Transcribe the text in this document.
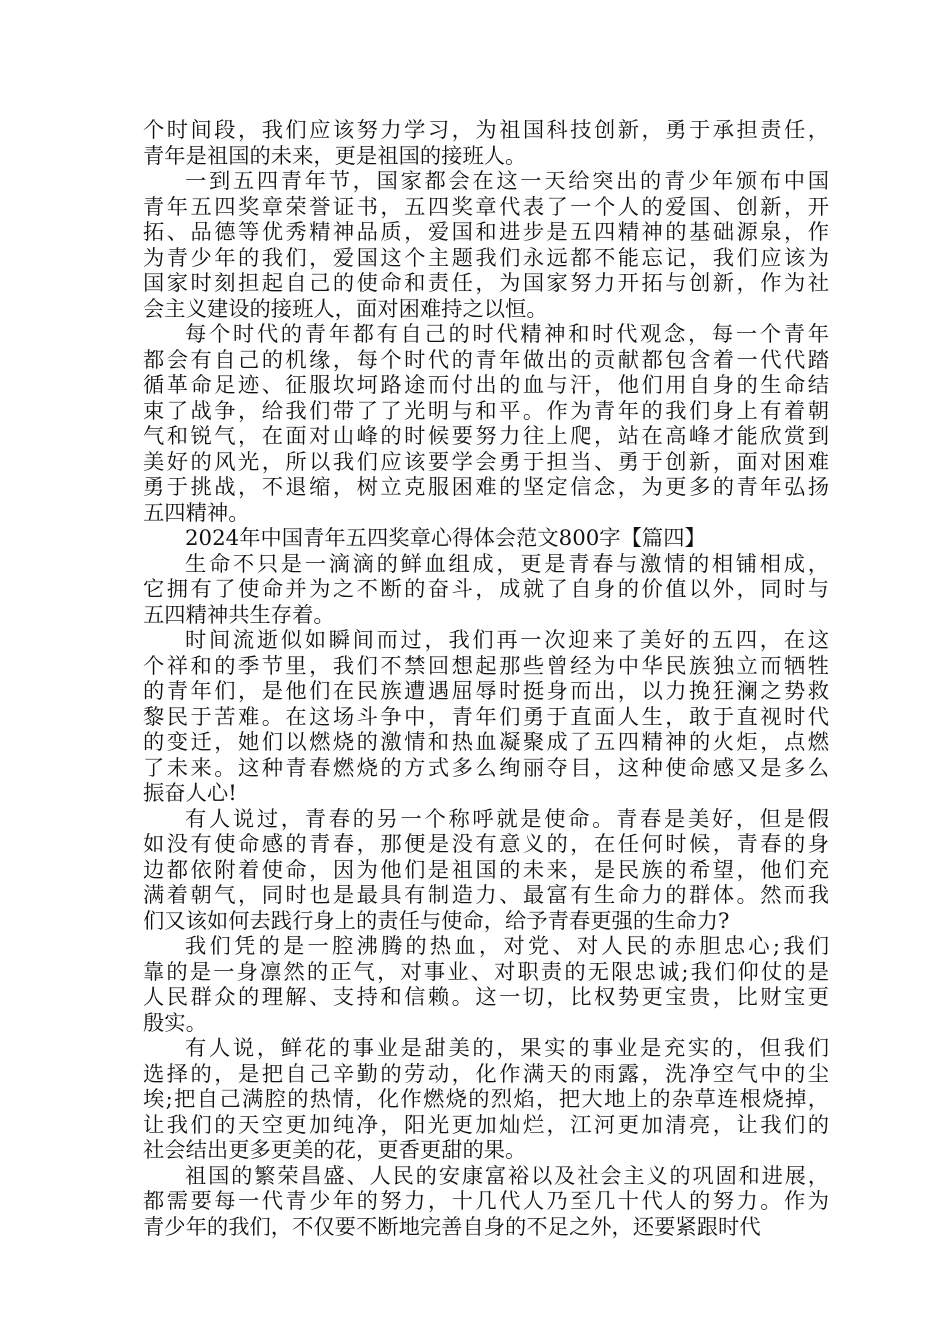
个时间段，我们应该努力学习，为祖国科技创新，勇于承担责任，
青年是祖国的未来，更是祖国的接班人。
一到五四青年节，国家都会在这一天给突出的青少年颁布中国
青年五四奖章荣誉证书，五四奖章代表了一个人的爱国、创新，开
拓、品德等优秀精神品质，爱国和进步是五四精神的基础源泉，作
为青少年的我们，爱国这个主题我们永远都不能忘记，我们应该为
国家时刻担起自己的使命和责任，为国家努力开拓与创新，作为社
会主义建设的接班人，面对困难持之以恒。
每个时代的青年都有自己的时代精神和时代观念，每一个青年
都会有自己的机缘，每个时代的青年做出的贡献都包含着一代代踏
循革命足迹、征服坎坷路途而付出的血与汗，他们用自身的生命结
束了战争，给我们带了了光明与和平。作为青年的我们身上有着朝
气和锐气，在面对山峰的时候要努力往上爬，站在高峰才能欣赏到
美好的风光，所以我们应该要学会勇于担当、勇于创新，面对困难
勇于挑战，不退缩，树立克服困难的坚定信念，为更多的青年弘扬
五四精神。
2024年中国青年五四奖章心得体会范文800字【篇四】
生命不只是一滴滴的鲜血组成，更是青春与激情的相铺相成，
它拥有了使命并为之不断的奋斗，成就了自身的价值以外，同时与
五四精神共生存着。
时间流逝似如瞬间而过，我们再一次迎来了美好的五四，在这
个祥和的季节里，我们不禁回想起那些曾经为中华民族独立而牺牲
的青年们，是他们在民族遭遇屈辱时挺身而出，以力挽狂澜之势救
黎民于苦难。在这场斗争中，青年们勇于直面人生，敢于直视时代
的变迁，她们以燃烧的激情和热血凝聚成了五四精神的火炬，点燃
了未来。这种青春燃烧的方式多么绚丽夺目，这种使命感又是多么
振奋人心!
有人说过，青春的另一个称呼就是使命。青春是美好，但是假
如没有使命感的青春，那便是没有意义的，在任何时候，青春的身
边都依附着使命，因为他们是祖国的未来，是民族的希望，他们充
满着朝气，同时也是最具有制造力、最富有生命力的群体。然而我
们又该如何去践行身上的责任与使命，给予青春更强的生命力?
我们凭的是一腔沸腾的热血，对党、对人民的赤胆忠心;我们
靠的是一身凛然的正气，对事业、对职责的无限忠诚;我们仰仗的是
人民群众的理解、支持和信赖。这一切，比权势更宝贵，比财宝更
殷实。
有人说，鲜花的事业是甜美的，果实的事业是充实的，但我们
选择的，是把自己辛勤的劳动，化作满天的雨露，洗净空气中的尘
埃;把自己满腔的热情，化作燃烧的烈焰，把大地上的杂草连根烧掉，
让我们的天空更加纯净，阳光更加灿烂，江河更加清亮，让我们的
社会结出更多更美的花，更香更甜的果。
祖国的繁荣昌盛、人民的安康富裕以及社会主义的巩固和进展，
都需要每一代青少年的努力，十几代人乃至几十代人的努力。作为
青少年的我们，不仅要不断地完善自身的不足之外，还要紧跟时代
